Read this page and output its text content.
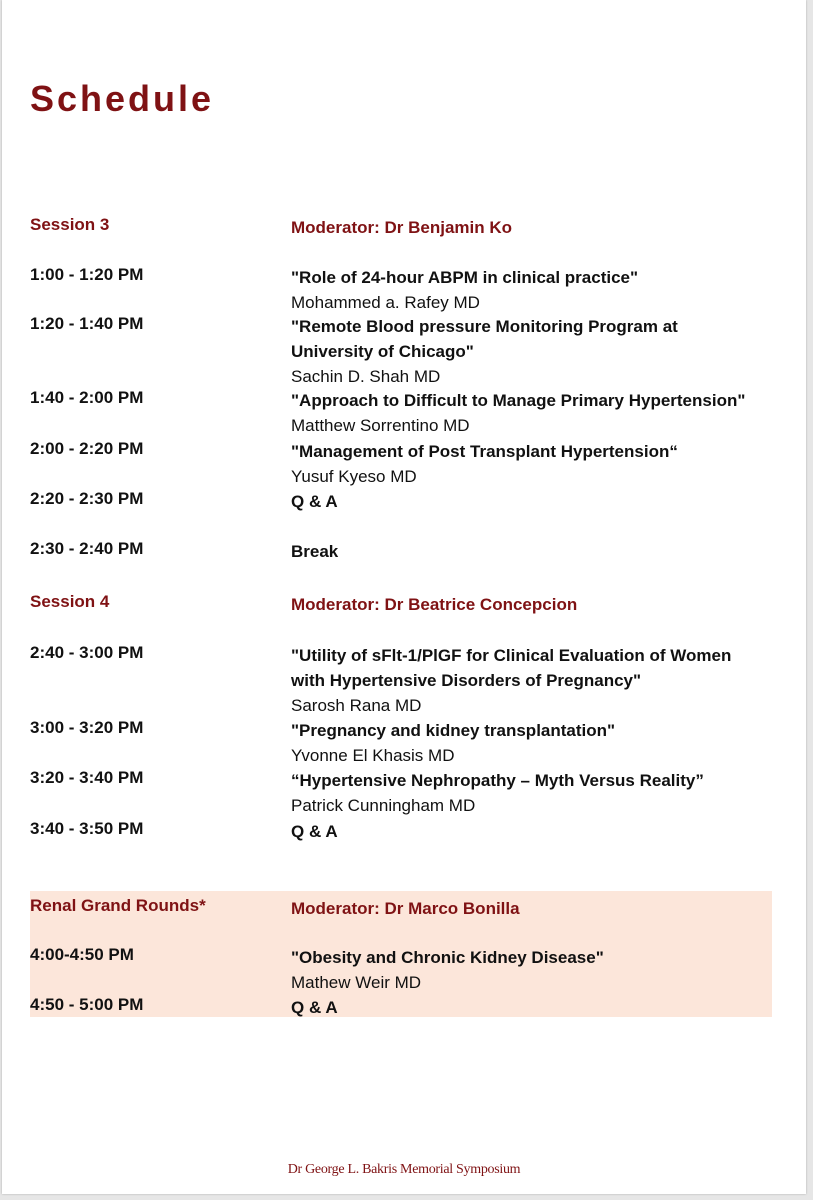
Schedule
Session 3	Moderator: Dr Benjamin Ko
1:00 - 1:20 PM	"Role of 24-hour ABPM in clinical practice"
Mohammed a. Rafey MD
1:20 - 1:40 PM	"Remote Blood pressure Monitoring Program at University of Chicago"
Sachin D. Shah MD
1:40 - 2:00 PM	"Approach to Difficult to Manage Primary Hypertension"
Matthew Sorrentino MD
2:00 - 2:20 PM	"Management of Post Transplant Hypertension“
Yusuf Kyeso MD
2:20 - 2:30 PM	Q & A
2:30 - 2:40 PM	Break
Session 4	Moderator: Dr Beatrice Concepcion
2:40 - 3:00 PM	"Utility of sFlt-1/PlGF for Clinical Evaluation of Women with Hypertensive Disorders of Pregnancy"
Sarosh Rana MD
3:00 - 3:20 PM	"Pregnancy and kidney transplantation"
Yvonne El Khasis MD
3:20 - 3:40 PM	“Hypertensive Nephropathy – Myth Versus Reality”
Patrick Cunningham MD
3:40 - 3:50 PM	Q & A
Renal Grand Rounds*	Moderator: Dr Marco Bonilla
4:00-4:50 PM	"Obesity and Chronic Kidney Disease"
Mathew Weir MD
4:50 - 5:00 PM	Q & A
Dr George L. Bakris Memorial Symposium
